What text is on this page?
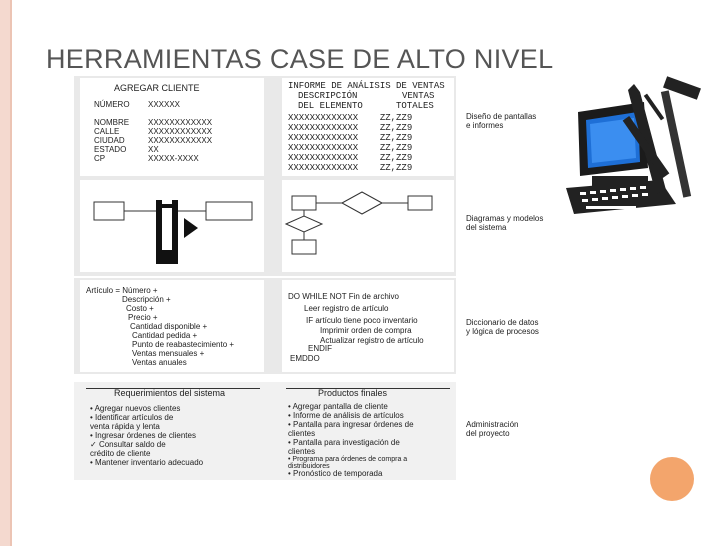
HERRAMIENTAS CASE DE ALTO NIVEL
AGREGAR CLIENTE
NÚMERO XXXXXX
NOMBRE XXXXXXXXXXXX
CALLE	XXXXXXXXXXXX
CIUDAD	XXXXXXXXXXXX
ESTADO	XX
CP	XXXXX-XXXX
INFORME DE ANÁLISIS DE VENTAS
DESCRIPCIÓN	VENTAS
DEL ELEMENTO	TOTALES
XXXXXXXXXXXXX ZZ,ZZ9
XXXXXXXXXXXXX ZZ,ZZ9
XXXXXXXXXXXXX ZZ,ZZ9
XXXXXXXXXXXXX ZZ,ZZ9
XXXXXXXXXXXXX ZZ,ZZ9
XXXXXXXXXXXXX ZZ,ZZ9
Diseño de pantallas
e informes
Diagramas y modelos
del sistema
Artículo = Número +
Descripción +
Costo +
Precio +
Cantidad disponible +
Cantidad pedida +
Punto de reabastecimiento +
Ventas mensuales +
Ventas anuales
DO WHILE NOT Fin de archivo
Leer registro de artículo
IF artículo tiene poco inventario
Imprimir orden de compra
Actualizar registro de artículo
ENDIF
EMDDO
Diccionario de datos
y lógica de procesos
Requerimientos del sistema
• Agregar nuevos clientes
• Identificar artículos de venta rápida y lenta
• Ingresar órdenes de clientes
✓ Consultar saldo de crédito de cliente
• Mantener inventario adecuado
Productos finales
• Agregar pantalla de cliente
• Informe de análisis de artículos
• Pantalla para ingresar órdenes de clientes
• Pantalla para investigación de clientes
• Programa para órdenes de compra a distribuidores
• Pronóstico de temporada
Administración
del proyecto
